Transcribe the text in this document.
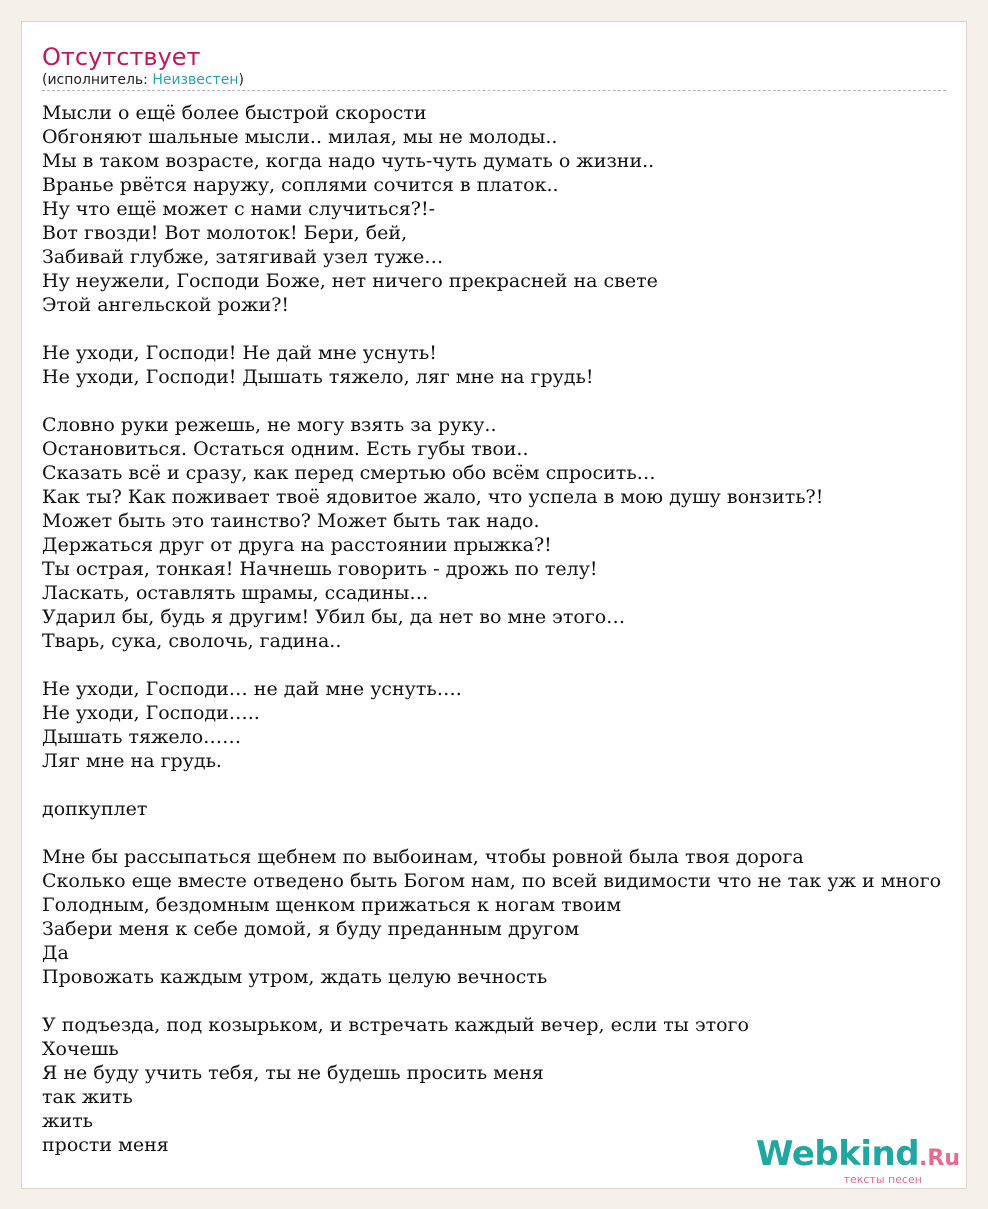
Отсутствует
(исполнитель: Неизвестен)
Мысли о ещё более быстрой скорости
Обгоняют шальные мысли.. милая, мы не молоды..
Мы в таком возрасте, когда надо чуть-чуть думать о жизни..
Вранье рвётся наружу, соплями сочится в платок..
Ну что ещё может с нами случиться?!-
Вот гвозди! Вот молоток! Бери, бей,
Забивай глубже, затягивай узел туже…
Ну неужели, Господи Боже, нет ничего прекрасней на свете
Этой ангельской рожи?!
Не уходи, Господи! Не дай мне уснуть!
Не уходи, Господи! Дышать тяжело, ляг мне на грудь!
Словно руки режешь, не могу взять за руку..
Остановиться. Остаться одним. Есть губы твои..
Сказать всё и сразу, как перед смертью обо всём спросить…
Как ты? Как поживает твоё ядовитое жало, что успела в мою душу вонзить?!
Может быть это таинство? Может быть так надо.
Держаться друг от друга на расстоянии прыжка?!
Ты острая, тонкая! Начнешь говорить - дрожь по телу!
Ласкать, оставлять шрамы, ссадины…
Ударил бы, будь я другим! Убил бы, да нет во мне этого…
Тварь, сука, сволочь, гадина..
Не уходи, Господи… не дай мне уснуть….
Не уходи, Господи…..
Дышать тяжело……
Ляг мне на грудь.
допкуплет
Мне бы рассыпаться щебнем по выбоинам, чтобы ровной была твоя дорога
Сколько еще вместе отведено быть Богом нам, по всей видимости что не так уж и много
Голодным, бездомным щенком прижаться к ногам твоим
Забери меня к себе домой, я буду преданным другом
Да
Провожать каждым утром, ждать целую вечность
У подъезда, под козырьком, и встречать каждый вечер, если ты этого
Хочешь
Я не буду учить тебя, ты не будешь просить меня
так жить
жить
прости меня	Webkind.Ru
тексты песен
